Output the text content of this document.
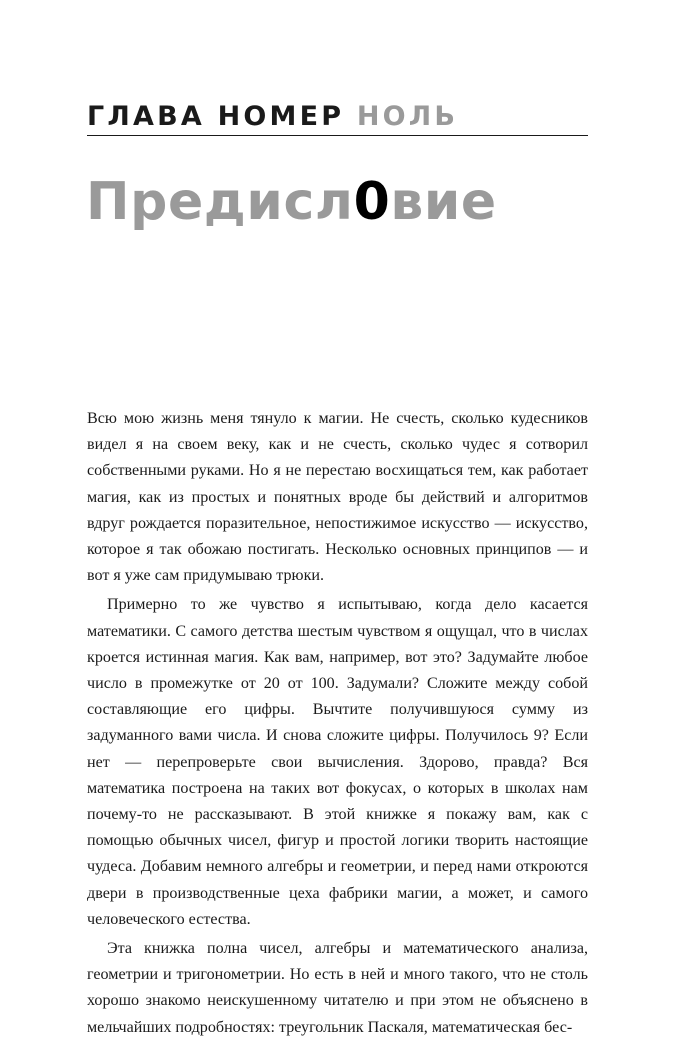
ГЛАВА НОМЕР НОЛЬ
Предисл0вие

Всю мою жизнь меня тянуло к магии. Не счесть, сколько кудесников видел я на своем веку, как и не счесть, сколько чудес я сотворил собственными руками. Но я не перестаю восхищаться тем, как работает магия, как из простых и понятных вроде бы действий и алгоритмов вдруг рождается поразительное, непостижимое искусство — искусство, которое я так обожаю постигать. Несколько основных принципов — и вот я уже сам придумываю трюки.

Примерно то же чувство я испытываю, когда дело касается математики. С самого детства шестым чувством я ощущал, что в числах кроется истинная магия. Как вам, например, вот это? Задумайте любое число в промежутке от 20 от 100. Задумали? Сложите между собой составляющие его цифры. Вычтите получившуюся сумму из задуманного вами числа. И снова сложите цифры. Получилось 9? Если нет — перепроверьте свои вычисления. Здорово, правда? Вся математика построена на таких вот фокусах, о которых в школах нам почему-то не рассказывают. В этой книжке я покажу вам, как с помощью обычных чисел, фигур и простой логики творить настоящие чудеса. Добавим немного алгебры и геометрии, и перед нами откроются двери в производственные цеха фабрики магии, а может, и самого человеческого естества.

Эта книжка полна чисел, алгебры и математического анализа, геометрии и тригонометрии. Но есть в ней и много такого, что не столь хорошо знакомо неискушенному читателю и при этом не объяснено в мельчайших подробностях: треугольник Паскаля, математическая бес-
